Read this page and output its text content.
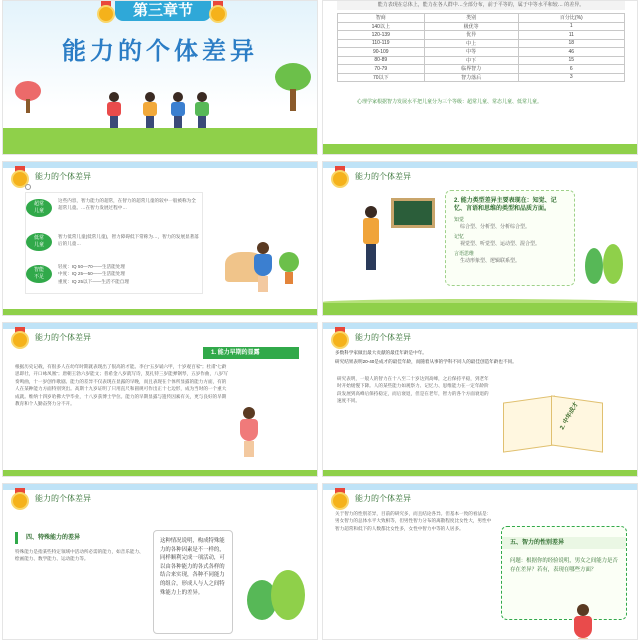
第三章节
能力的个体差异
能力表现在总体上，能力在各人群中…全部分布，前于平等的，属于中等水平和较… 的差异。
智商	类别	百分比(%)
140以上	极优等	1
120-139	优异	11
110-119	中上	18
90-109	中等	46
80-89	中下	15
70-79	临界智力	6
70以下	智力落后	3
心理学家根据智力发展水平把儿童分为三个等级：超常儿童、常态儿童、低常儿童。
能力的个体差异
超常
儿童
低常
儿童
智能
不足
这些内容，智力能力的超常，在智力的超常儿童的较中一般被称为全超常儿童。…在智力发展过程中…
智力低常儿童(低常儿童)，智力障碍低下常称为…，智力的发展显著落后的儿童…
轻度：IQ 50—70——生活能处理
中度：IQ 25—50——生活能处理
重度：IQ 25以下——生活不能自理
能力的个体差异
2. 能力类型差异主要表现在：知觉、记忆、言语和思维的类型和品质方面。
知觉
综合型、分析型、分析综合型。
记忆
视觉型、听觉型、运动型、混合型。
言语思维
生动形象型、逻辑联系型。
能力的个体差异
1. 能力早期的显露
根据历史记载，有很多人在幼年时期就表现出了很高的才能。李白“五岁诵六甲，十岁观百家”；杜甫“七龄思即壮，开口咏凤凰”；唐朝王勃六岁能文；普希金八岁就写诗，莫扎特三岁能弹钢琴，五岁作曲，八岁写奏鸣曲，十一岁创作歌剧。能力的差异不仅表现在显露的早晚，而且表现在个体所显露的能力方面，有的人在某种能力方面特别突出。高斯十九岁证明了只用直尺和圆规可作出正十七边形，成为当时的一个重大成就。维纳十四岁哈佛大学毕业，十八岁获博士学位。能力的早期显露与遗传因素有关，更与良好的早期教育和个人勤奋努力分不开。
能力的个体差异
多数科学家做出最大贡献的最佳年龄是中年。
研究结果表明20-40是成才的最佳年龄，而随着从事的学科不同人的最佳创造年龄也不同。
研究表明，一般人的智力在十八至二十岁达到高峰，之后保持平稳，到老年时开始缓慢下降。人的某些能力如观察力、记忆力、思维能力在一定年龄阶段发展到高峰后保持稳定，而后衰退，但是在老年，智力的各个方面衰退的速度不同。
2. 中年成才
能力的个体差异
四、特殊能力的差异
特殊能力是指某些特定领域中活动所必需的能力，如音乐能力、绘画能力、数学能力、运动能力等。
这种情况说明，构成特殊能力的各种因素是不一样的，同样顺利完成一项活动，可以由各种能力的各式各样的结合来实现，各种不同能力的组合，形成人与人之间特殊能力上的差异。
能力的个体差异
关于智力的性别差异，目前的研究多，而且结论各异。但基本一致的看法是：男女智力的总体水平大致相等，但男性智力分布的离散程度比女性大，男性中智力超常和低下的人数都比女性多，女性中智力中等的人居多。
五、智力的性别差异
问题：根据你的经验说明，男女之间能力是否存在差异？若有，表现在哪些方面？
